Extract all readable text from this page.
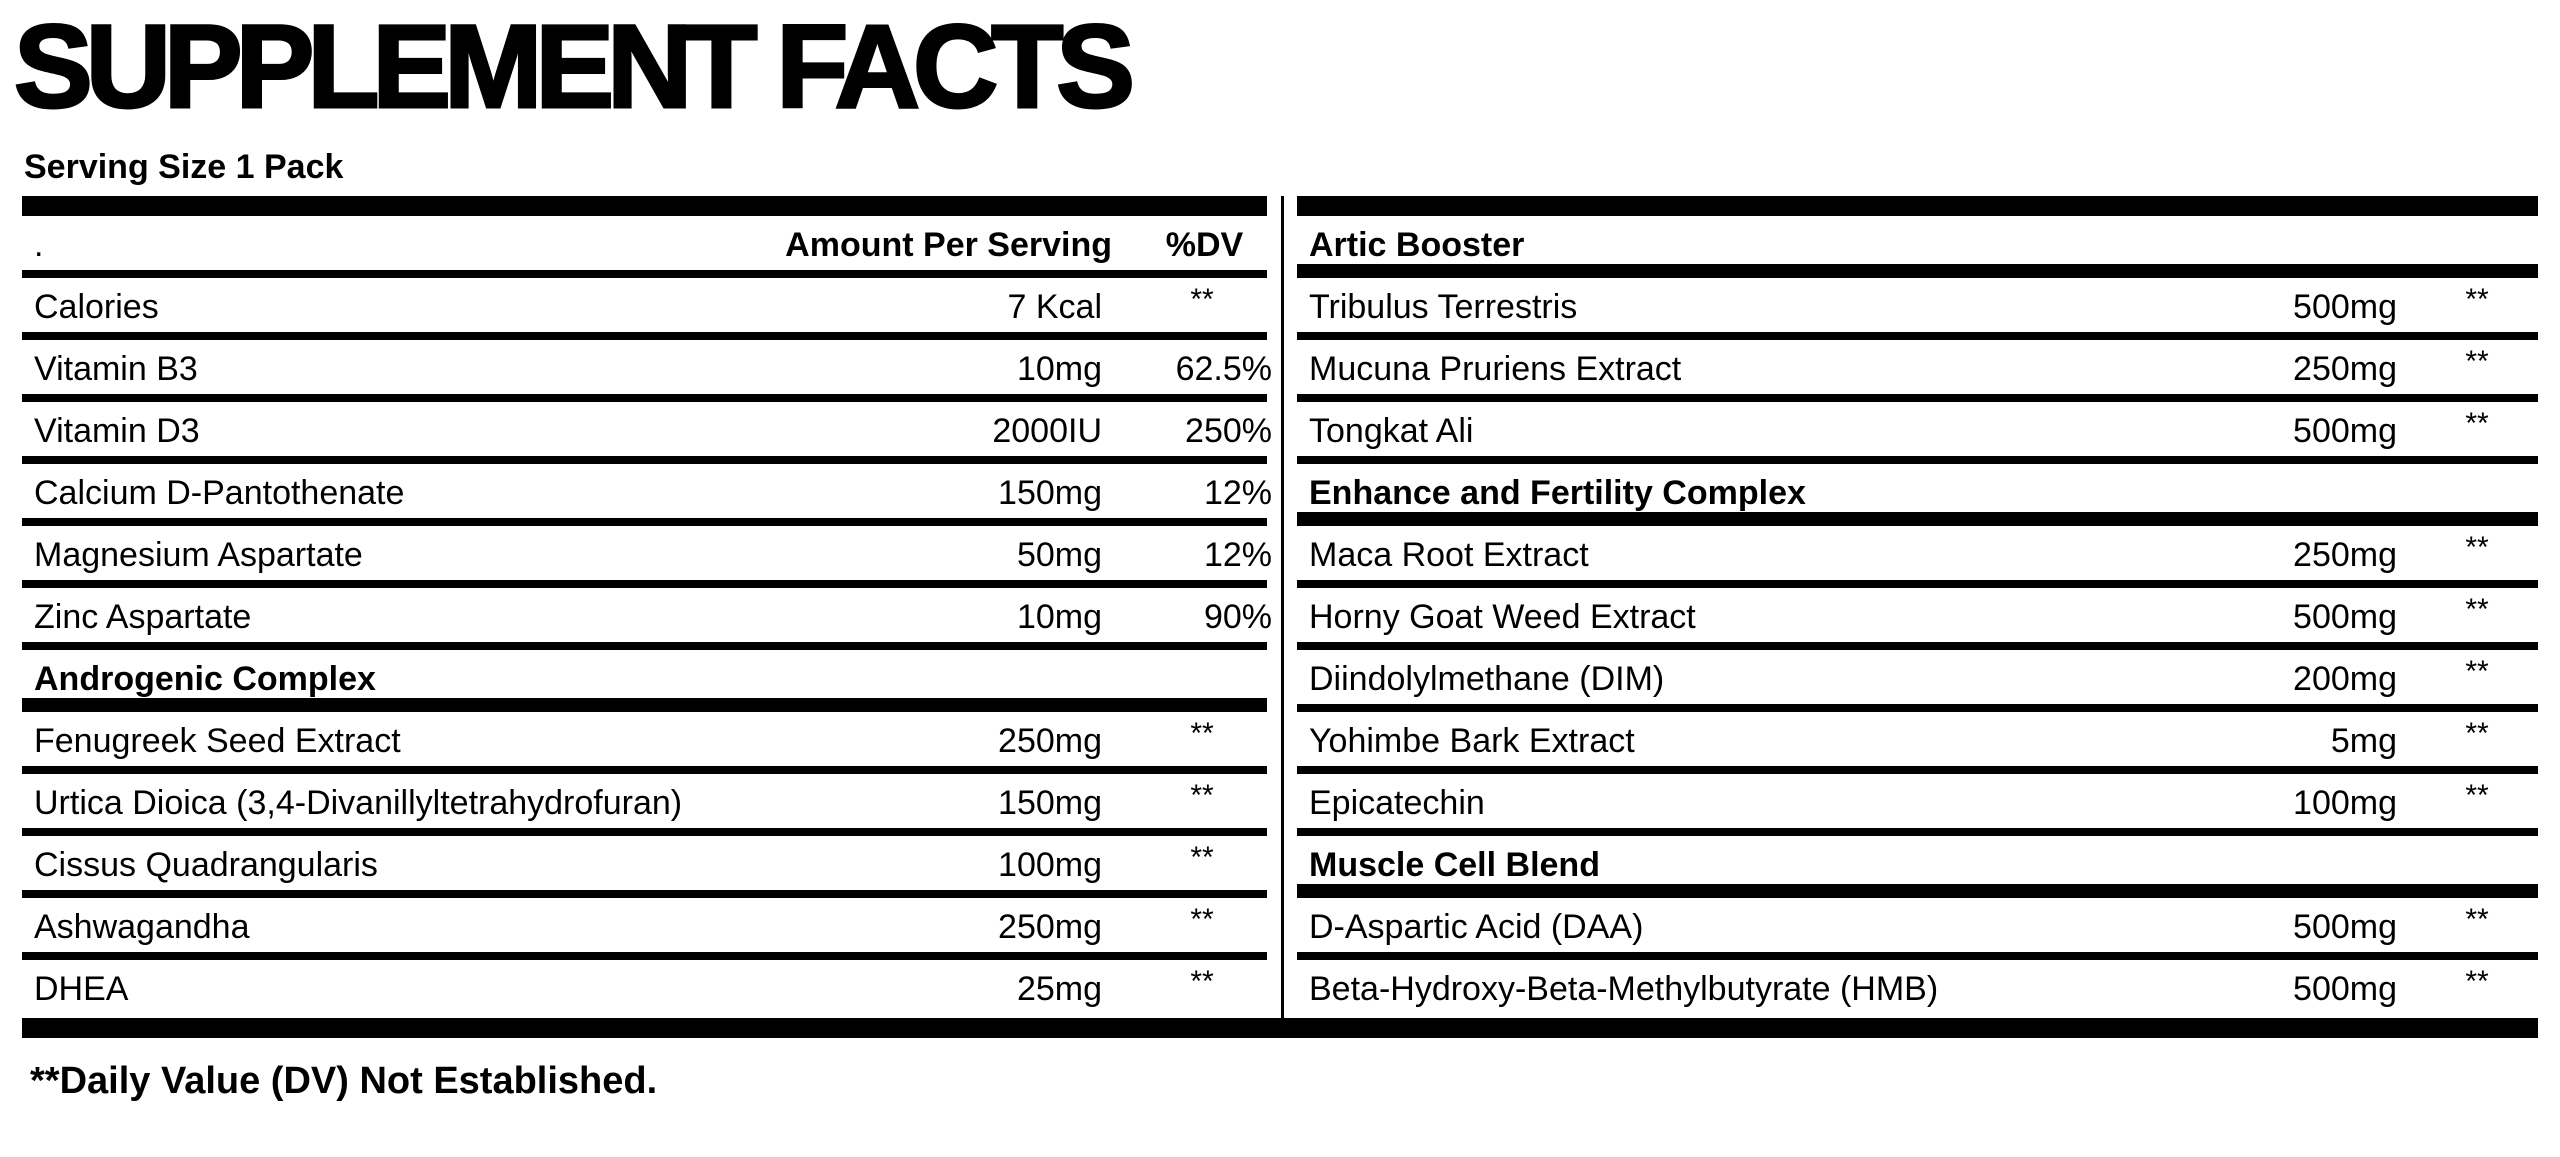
SUPPLEMENT FACTS
Serving Size 1 Pack
.	Amount Per Serving	%DV
Calories	7 Kcal	**
Vitamin B3	10mg	62.5%
Vitamin D3	2000IU	250%
Calcium D-Pantothenate	150mg	12%
Magnesium Aspartate	50mg	12%
Zinc Aspartate	10mg	90%
Androgenic Complex
Fenugreek Seed Extract	250mg	**
Urtica Dioica (3,4-Divanillyltetrahydrofuran)	150mg	**
Cissus Quadrangularis	100mg	**
Ashwagandha	250mg	**
DHEA	25mg	**
Artic Booster
Tribulus Terrestris	500mg	**
Mucuna Pruriens Extract	250mg	**
Tongkat Ali	500mg	**
Enhance and Fertility Complex
Maca Root Extract	250mg	**
Horny Goat Weed Extract	500mg	**
Diindolylmethane (DIM)	200mg	**
Yohimbe Bark Extract	5mg	**
Epicatechin	100mg	**
Muscle Cell Blend
D-Aspartic Acid (DAA)	500mg	**
Beta-Hydroxy-Beta-Methylbutyrate (HMB)	500mg	**
**Daily Value (DV) Not Established.
